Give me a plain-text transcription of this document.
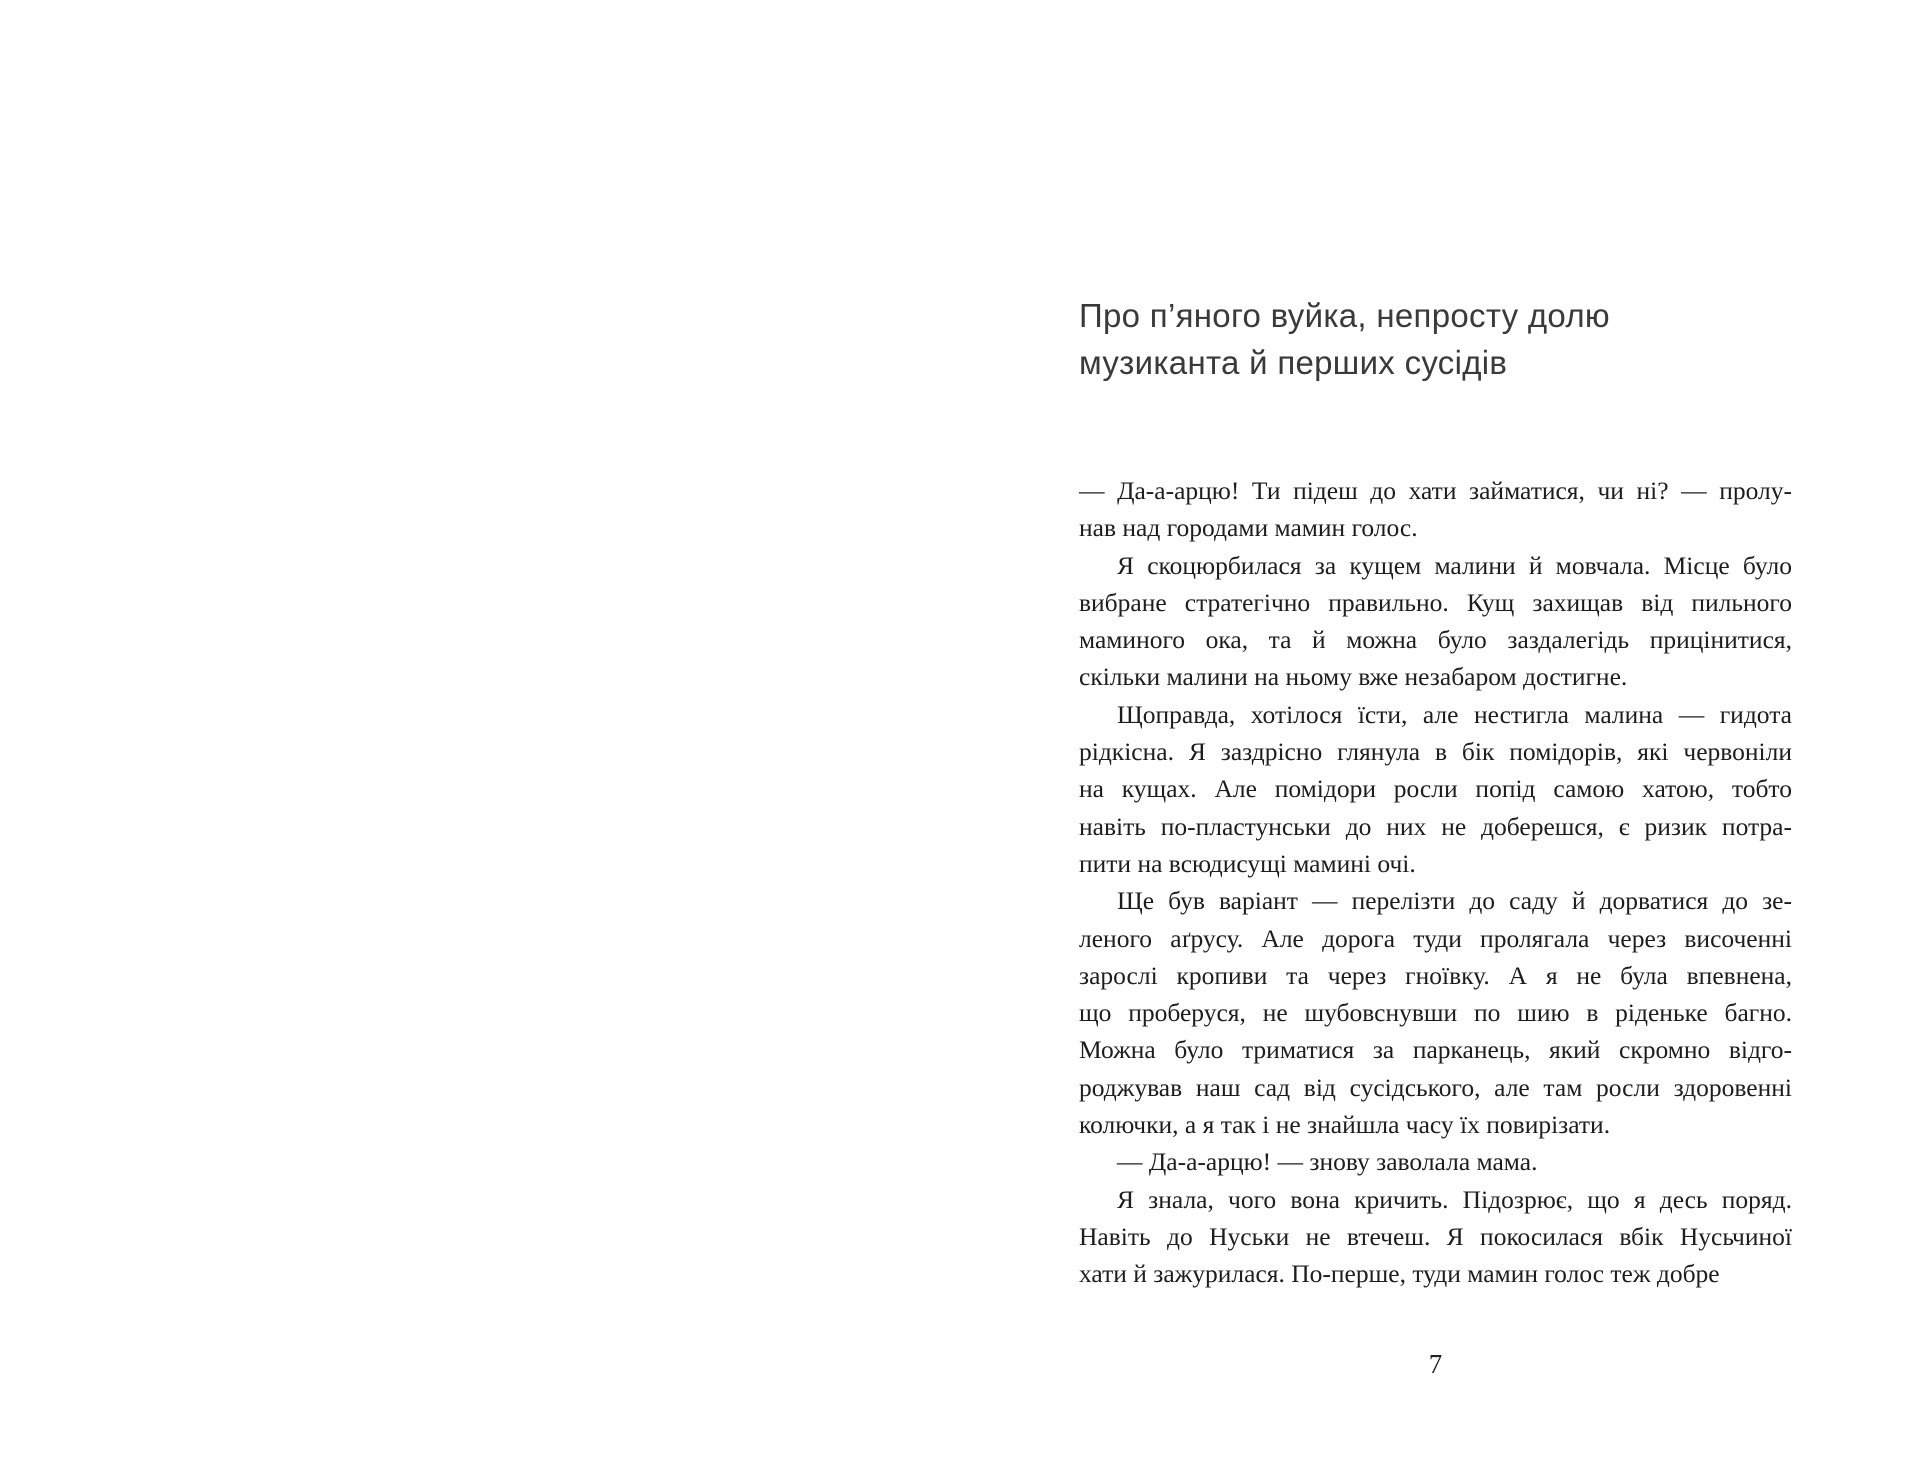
Про п’яного вуйка, непросту долю
музиканта й перших сусідів
— Да-а-арцю! Ти підеш до хати займатися, чи ні? — пролу-
нав над городами мамин голос.
Я скоцюрбилася за кущем малини й мовчала. Місце було
вибране стратегічно правильно. Кущ захищав від пильного
маминого ока, та й можна було заздалегідь прицінитися,
скільки малини на ньому вже незабаром достигне.
Щоправда, хотілося їсти, але нестигла малина — гидота
рідкісна. Я заздрісно глянула в бік помідорів, які червоніли
на кущах. Але помідори росли попід самою хатою, тобто
навіть по-пластунськи до них не доберешся, є ризик потра-
пити на всюдисущі мамині очі.
Ще був варіант — перелізти до саду й дорватися до зе-
леного аґрусу. Але дорога туди пролягала через височенні
зарослі кропиви та через гноївку. А я не була впевнена,
що проберуся, не шубовснувши по шию в ріденьке багно.
Можна було триматися за парканець, який скромно відго-
роджував наш сад від сусідського, але там росли здоровенні
колючки, а я так і не знайшла часу їх повирізати.
— Да-а-арцю! — знову заволала мама.
Я знала, чого вона кричить. Підозрює, що я десь поряд.
Навіть до Нуськи не втечеш. Я покосилася вбік Нусьчиної
хати й зажурилася. По-перше, туди мамин голос теж добре
7
